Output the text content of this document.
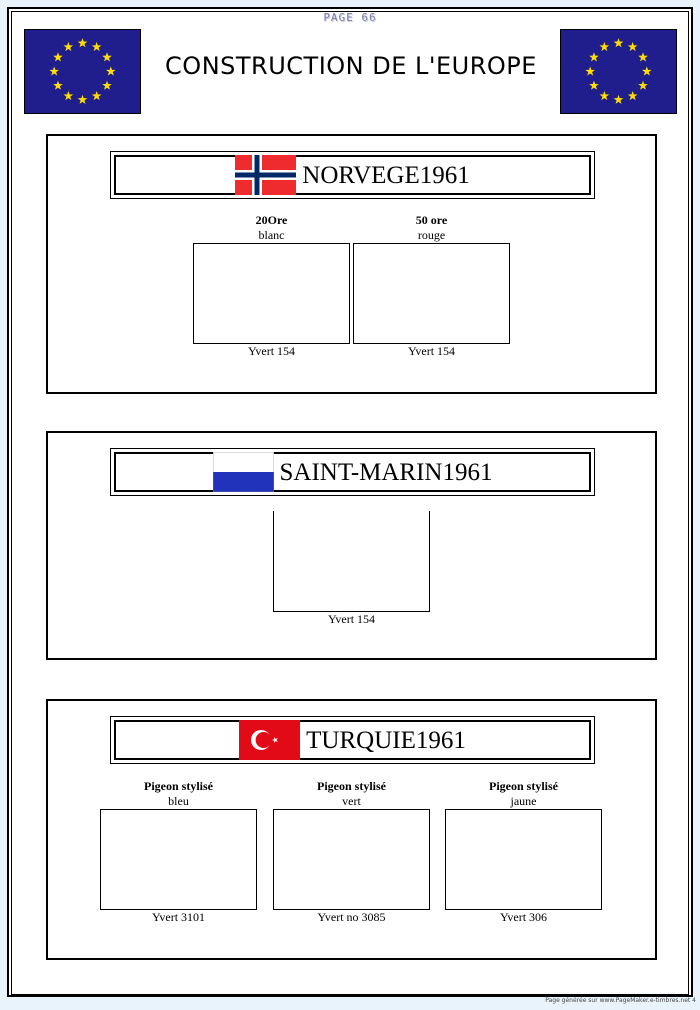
PAGE 66
CONSTRUCTION DE L'EUROPE
NORVEGE1961
20Ore
blanc
Yvert 154
50 ore
rouge
Yvert 154
SAINT-MARIN1961
Yvert 154
TURQUIE1961
Pigeon stylisé
bleu
Yvert 3101
Pigeon stylisé
vert
Yvert no 3085
Pigeon stylisé
jaune
Yvert 306
Page générée sur www.PageMaker.e-timbres.net 4
